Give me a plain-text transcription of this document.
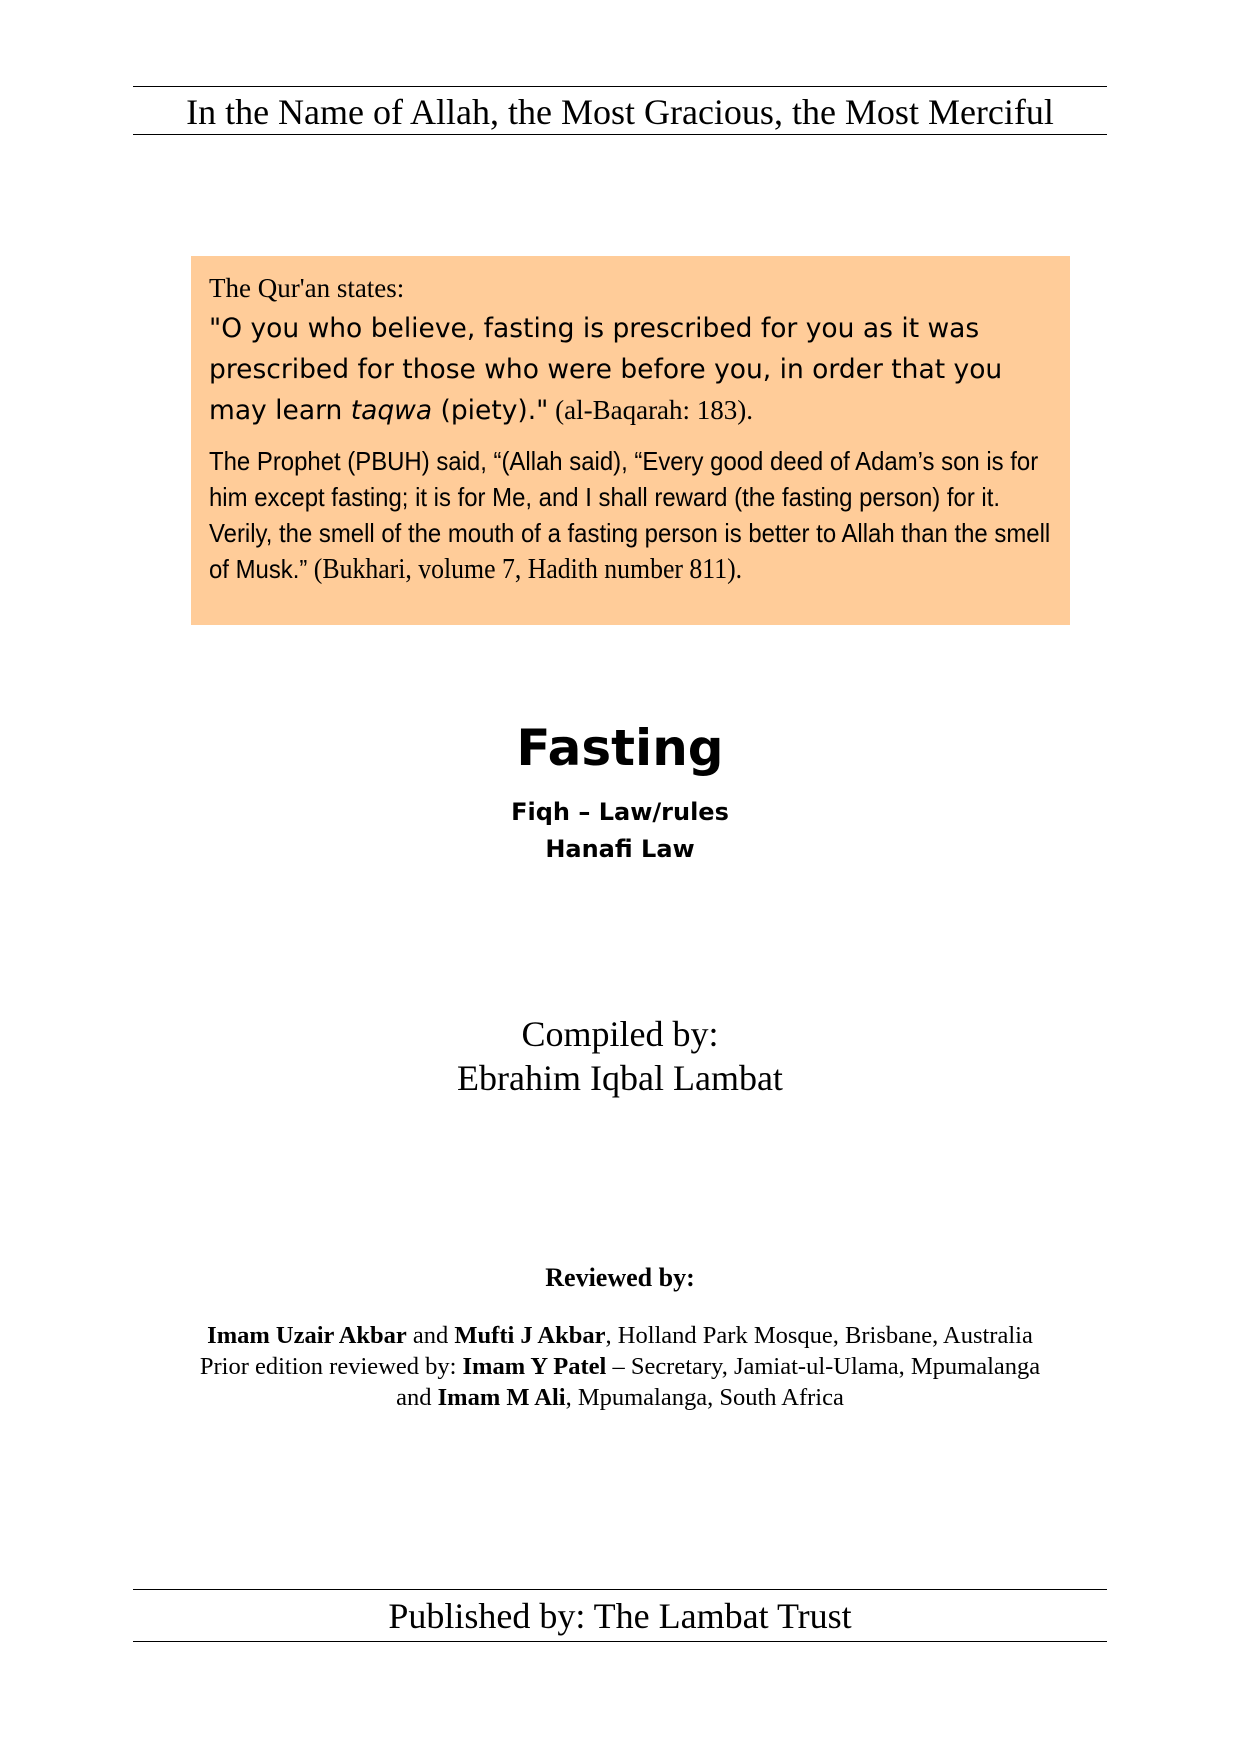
In the Name of Allah, the Most Gracious, the Most Merciful

The Qur'an states:

"O you who believe, fasting is prescribed for you as it was prescribed for those who were before you, in order that you may learn taqwa (piety)." (al-Baqarah: 183).

The Prophet (PBUH) said, “(Allah said), “Every good deed of Adam’s son is for him except fasting; it is for Me, and I shall reward (the fasting person) for it. Verily, the smell of the mouth of a fasting person is better to Allah than the smell of Musk.” (Bukhari, volume 7, Hadith number 811).

Fasting
Fiqh – Law/rules
Hanafi Law
Compiled by:
Ebrahim Iqbal Lambat
Reviewed by:
Imam Uzair Akbar and Mufti J Akbar, Holland Park Mosque, Brisbane, Australia
Prior edition reviewed by: Imam Y Patel – Secretary, Jamiat-ul-Ulama, Mpumalanga
and Imam M Ali, Mpumalanga, South Africa
Published by: The Lambat Trust
